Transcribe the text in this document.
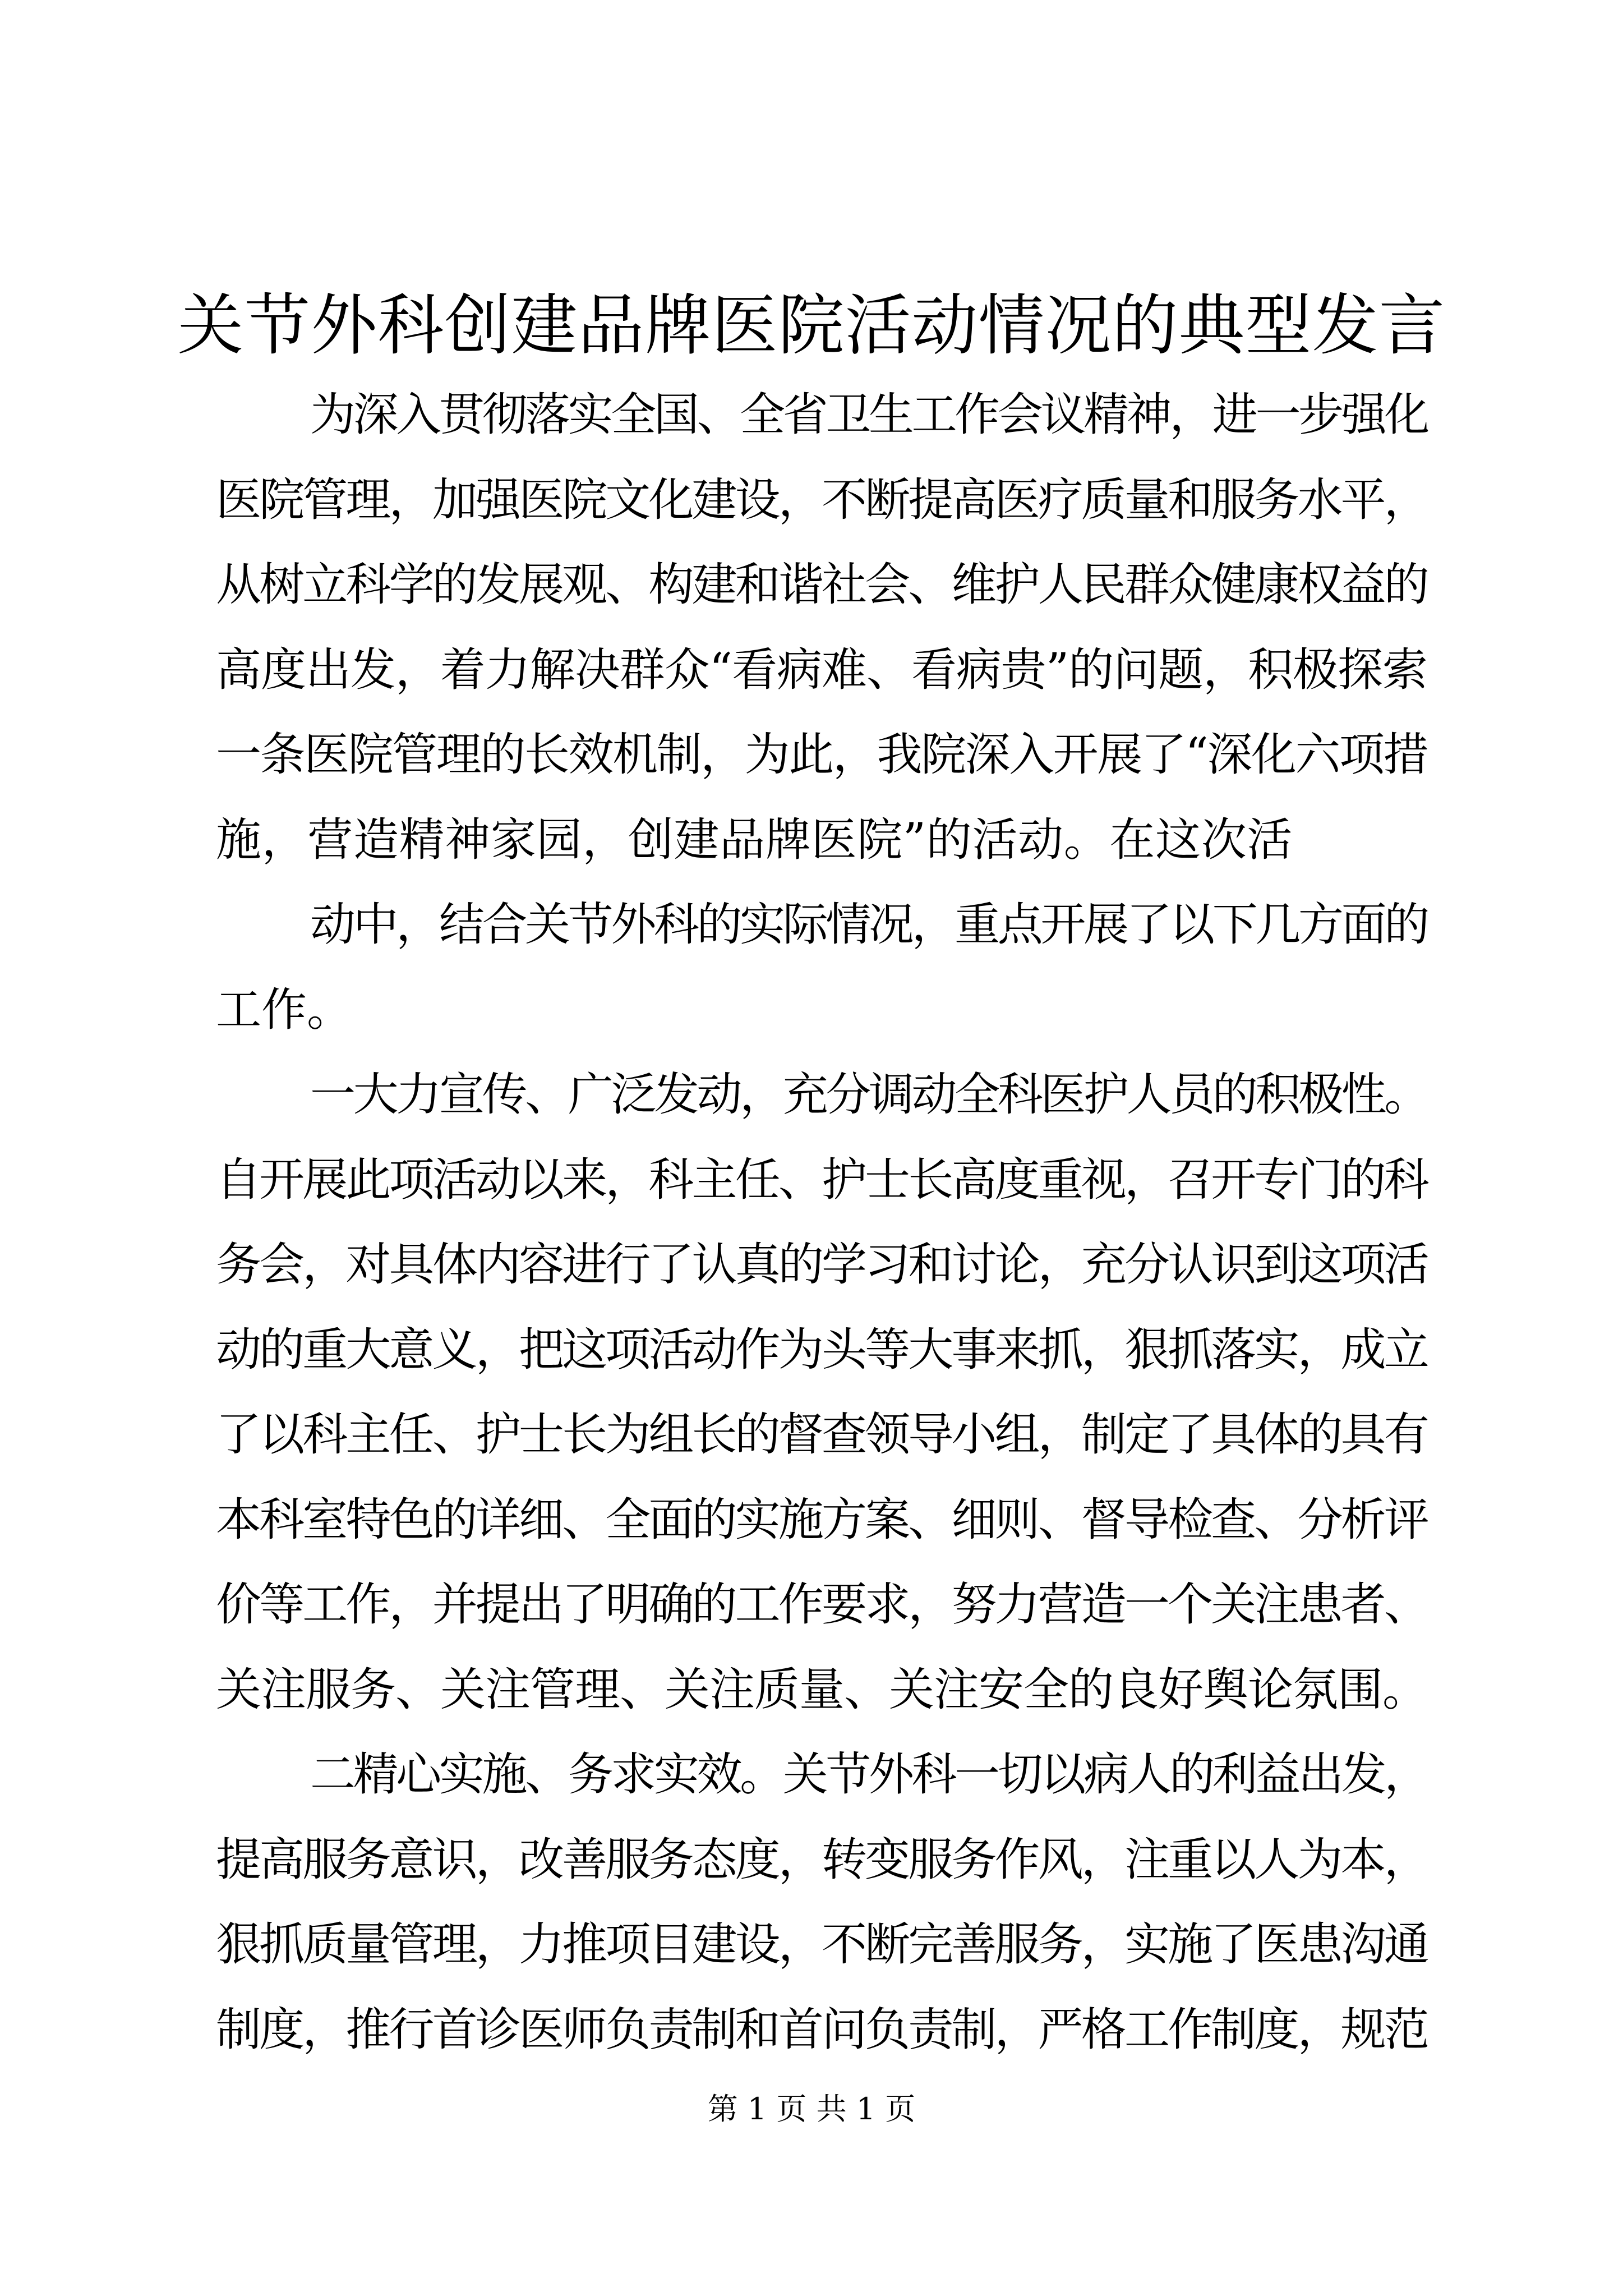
关节外科创建品牌医院活动情况的典型发言
为深入贯彻落实全国、全省卫生工作会议精神，进一步强化
医院管理，加强医院文化建设，不断提高医疗质量和服务水平，
从树立科学的发展观、构建和谐社会、维护人民群众健康权益的
高度出发，着力解决群众“看病难、看病贵”的问题，积极探索
一条医院管理的长效机制，为此，我院深入开展了“深化六项措
施，营造精神家园，创建品牌医院”的活动。在这次活
动中，结合关节外科的实际情况，重点开展了以下几方面的
工作。
一大力宣传、广泛发动，充分调动全科医护人员的积极性。
自开展此项活动以来，科主任、护士长高度重视，召开专门的科
务会，对具体内容进行了认真的学习和讨论，充分认识到这项活
动的重大意义，把这项活动作为头等大事来抓，狠抓落实，成立
了以科主任、护士长为组长的督查领导小组，制定了具体的具有
本科室特色的详细、全面的实施方案、细则、督导检查、分析评
价等工作，并提出了明确的工作要求，努力营造一个关注患者、
关注服务、关注管理、关注质量、关注安全的良好舆论氛围。
二精心实施、务求实效。关节外科一切以病人的利益出发，
提高服务意识，改善服务态度，转变服务作风，注重以人为本，
狠抓质量管理，力推项目建设，不断完善服务，实施了医患沟通
制度，推行首诊医师负责制和首问负责制，严格工作制度，规范
第 1 页 共 1 页
